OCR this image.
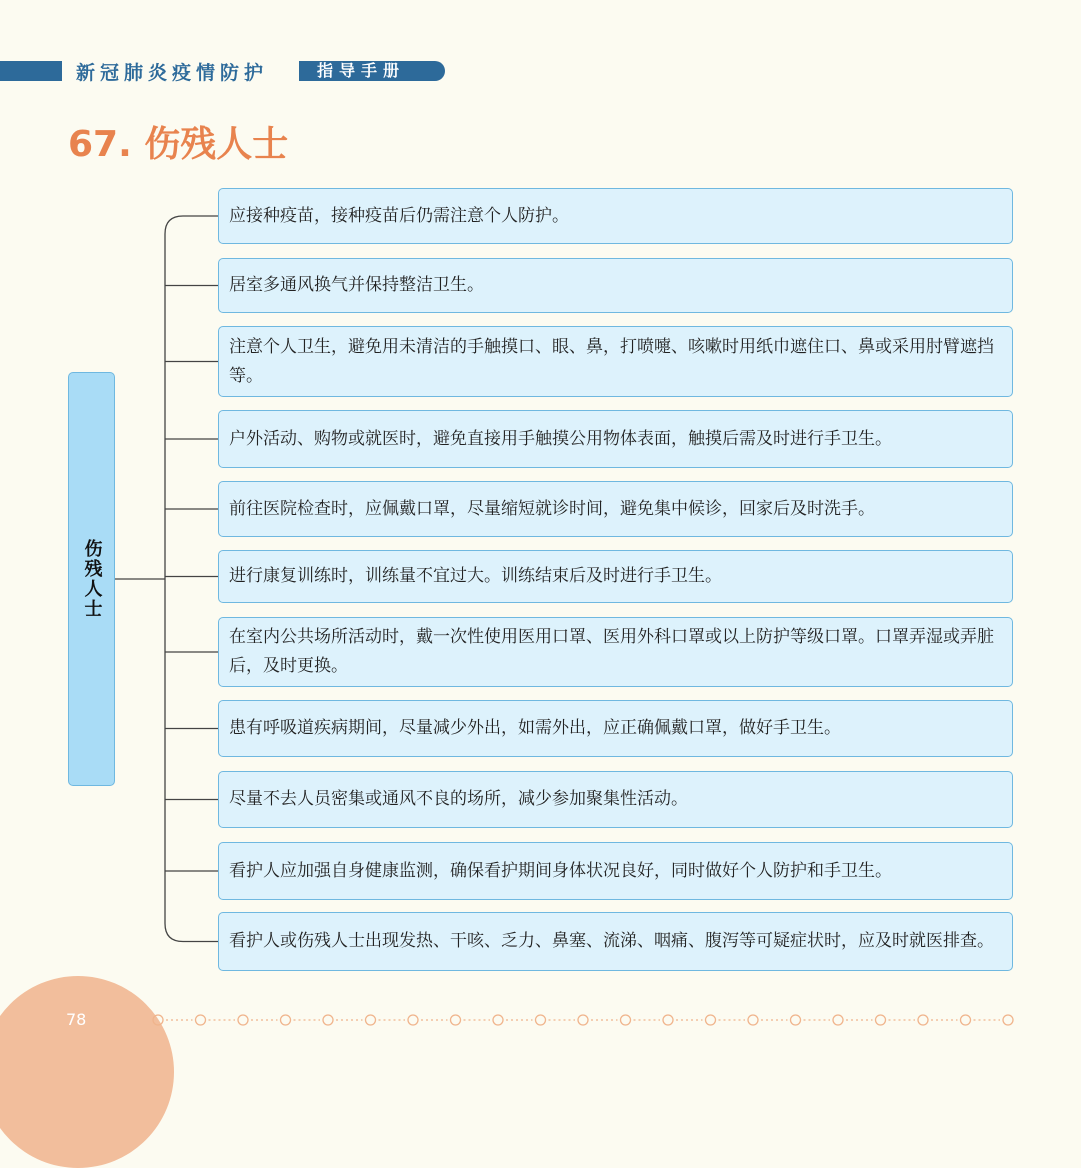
新冠肺炎疫情防护	指导手册
67. 伤残人士
伤残人士
应接种疫苗，接种疫苗后仍需注意个人防护。
居室多通风换气并保持整洁卫生。
注意个人卫生，避免用未清洁的手触摸口、眼、鼻，打喷嚏、咳嗽时用纸巾遮住口、鼻或采用肘臂遮挡等。
户外活动、购物或就医时，避免直接用手触摸公用物体表面，触摸后需及时进行手卫生。
前往医院检查时，应佩戴口罩，尽量缩短就诊时间，避免集中候诊，回家后及时洗手。
进行康复训练时，训练量不宜过大。训练结束后及时进行手卫生。
在室内公共场所活动时，戴一次性使用医用口罩、医用外科口罩或以上防护等级口罩。口罩弄湿或弄脏后，及时更换。
患有呼吸道疾病期间，尽量减少外出，如需外出，应正确佩戴口罩，做好手卫生。
尽量不去人员密集或通风不良的场所，减少参加聚集性活动。
看护人应加强自身健康监测，确保看护期间身体状况良好，同时做好个人防护和手卫生。
看护人或伤残人士出现发热、干咳、乏力、鼻塞、流涕、咽痛、腹泻等可疑症状时，应及时就医排查。
78
